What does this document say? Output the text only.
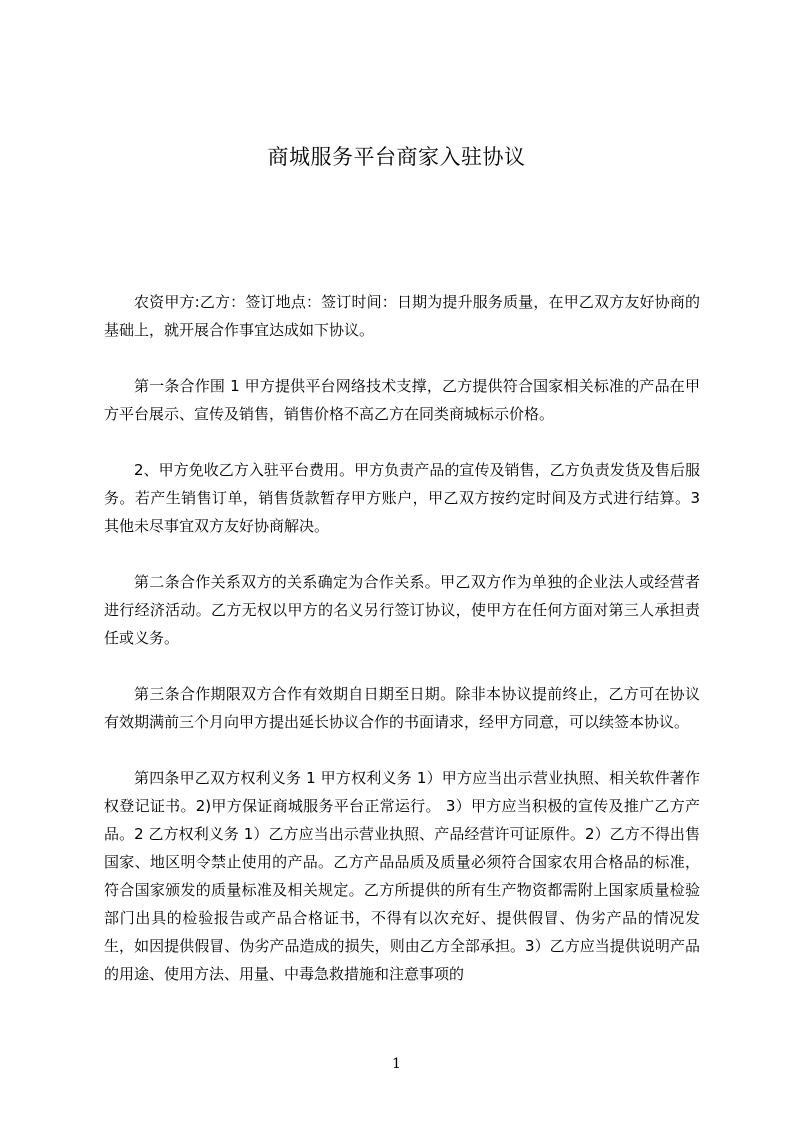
商城服务平台商家入驻协议

农资甲方:乙方：签订地点：签订时间：日期为提升服务质量，在甲乙双方友好协商的基础上，就开展合作事宜达成如下协议。

第一条合作围 1 甲方提供平台网络技术支撑，乙方提供符合国家相关标准的产品在甲方平台展示、宣传及销售，销售价格不高乙方在同类商城标示价格。

2、甲方免收乙方入驻平台费用。甲方负责产品的宣传及销售，乙方负责发货及售后服务。若产生销售订单，销售货款暂存甲方账户，甲乙双方按约定时间及方式进行结算。3 其他未尽事宜双方友好协商解决。

第二条合作关系双方的关系确定为合作关系。甲乙双方作为单独的企业法人或经营者进行经济活动。乙方无权以甲方的名义另行签订协议，使甲方在任何方面对第三人承担责任或义务。

第三条合作期限双方合作有效期自日期至日期。除非本协议提前终止，乙方可在协议有效期满前三个月向甲方提出延长协议合作的书面请求，经甲方同意，可以续签本协议。

第四条甲乙双方权利义务 1 甲方权利义务 1）甲方应当出示营业执照、相关软件著作权登记证书。2)甲方保证商城服务平台正常运行。 3）甲方应当积极的宣传及推广乙方产品。2 乙方权利义务 1）乙方应当出示营业执照、产品经营许可证原件。2）乙方不得出售国家、地区明令禁止使用的产品。乙方产品品质及质量必须符合国家农用合格品的标准，符合国家颁发的质量标准及相关规定。乙方所提供的所有生产物资都需附上国家质量检验部门出具的检验报告或产品合格证书，不得有以次充好、提供假冒、伪劣产品的情况发生，如因提供假冒、伪劣产品造成的损失，则由乙方全部承担。3）乙方应当提供说明产品的用途、使用方法、用量、中毒急救措施和注意事项的

1
